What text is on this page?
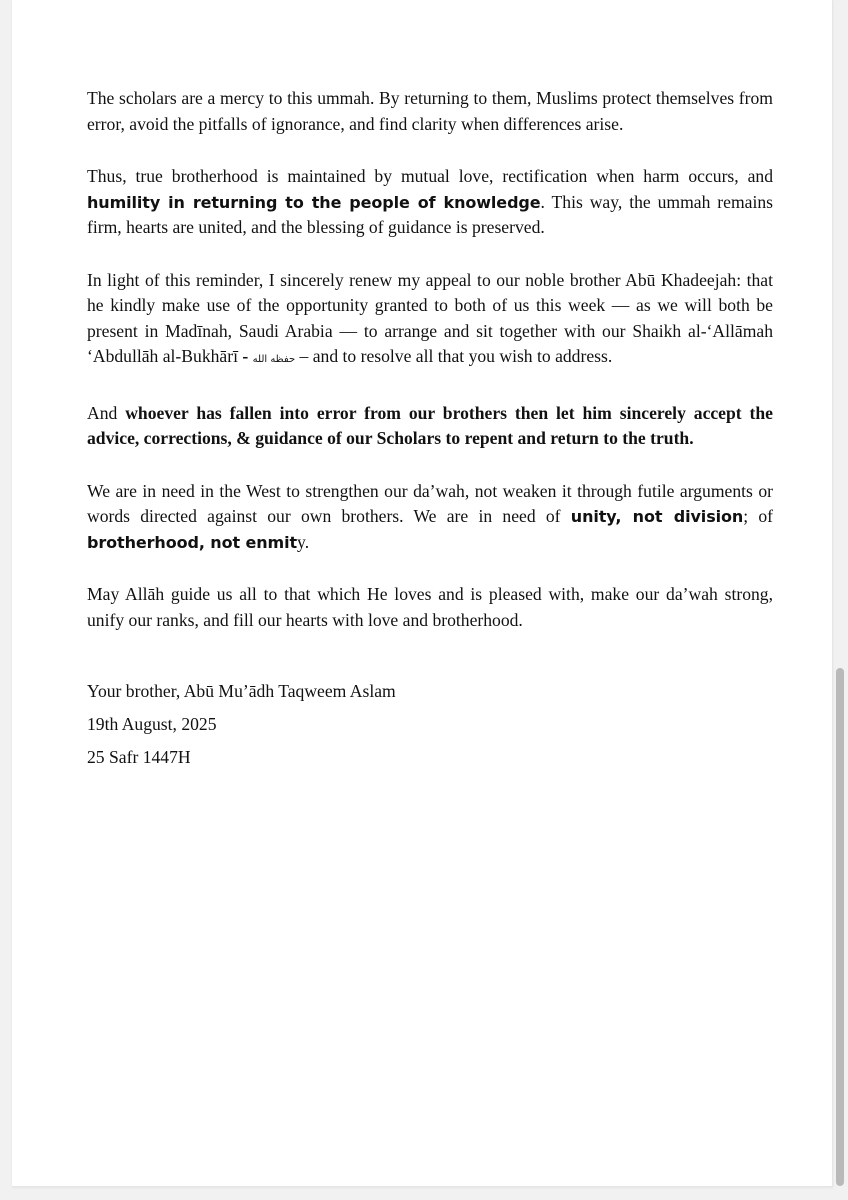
The scholars are a mercy to this ummah. By returning to them, Muslims protect themselves from error, avoid the pitfalls of ignorance, and find clarity when differences arise.

Thus, true brotherhood is maintained by mutual love, rectification when harm occurs, and humility in returning to the people of knowledge. This way, the ummah remains firm, hearts are united, and the blessing of guidance is preserved.

In light of this reminder, I sincerely renew my appeal to our noble brother Abū Khadeejah: that he kindly make use of the opportunity granted to both of us this week — as we will both be present in Madīnah, Saudi Arabia — to arrange and sit together with our Shaikh al-‘Allāmah ‘Abdullāh al-Bukhārī - حفظه الله – and to resolve all that you wish to address.

And whoever has fallen into error from our brothers then let him sincerely accept the advice, corrections, & guidance of our Scholars to repent and return to the truth.

We are in need in the West to strengthen our da’wah, not weaken it through futile arguments or words directed against our own brothers. We are in need of unity, not division; of brotherhood, not enmity.

May Allāh guide us all to that which He loves and is pleased with, make our da’wah strong, unify our ranks, and fill our hearts with love and brotherhood.

Your brother, Abū Mu’ādh Taqweem Aslam
19th August, 2025
25 Safr 1447H
